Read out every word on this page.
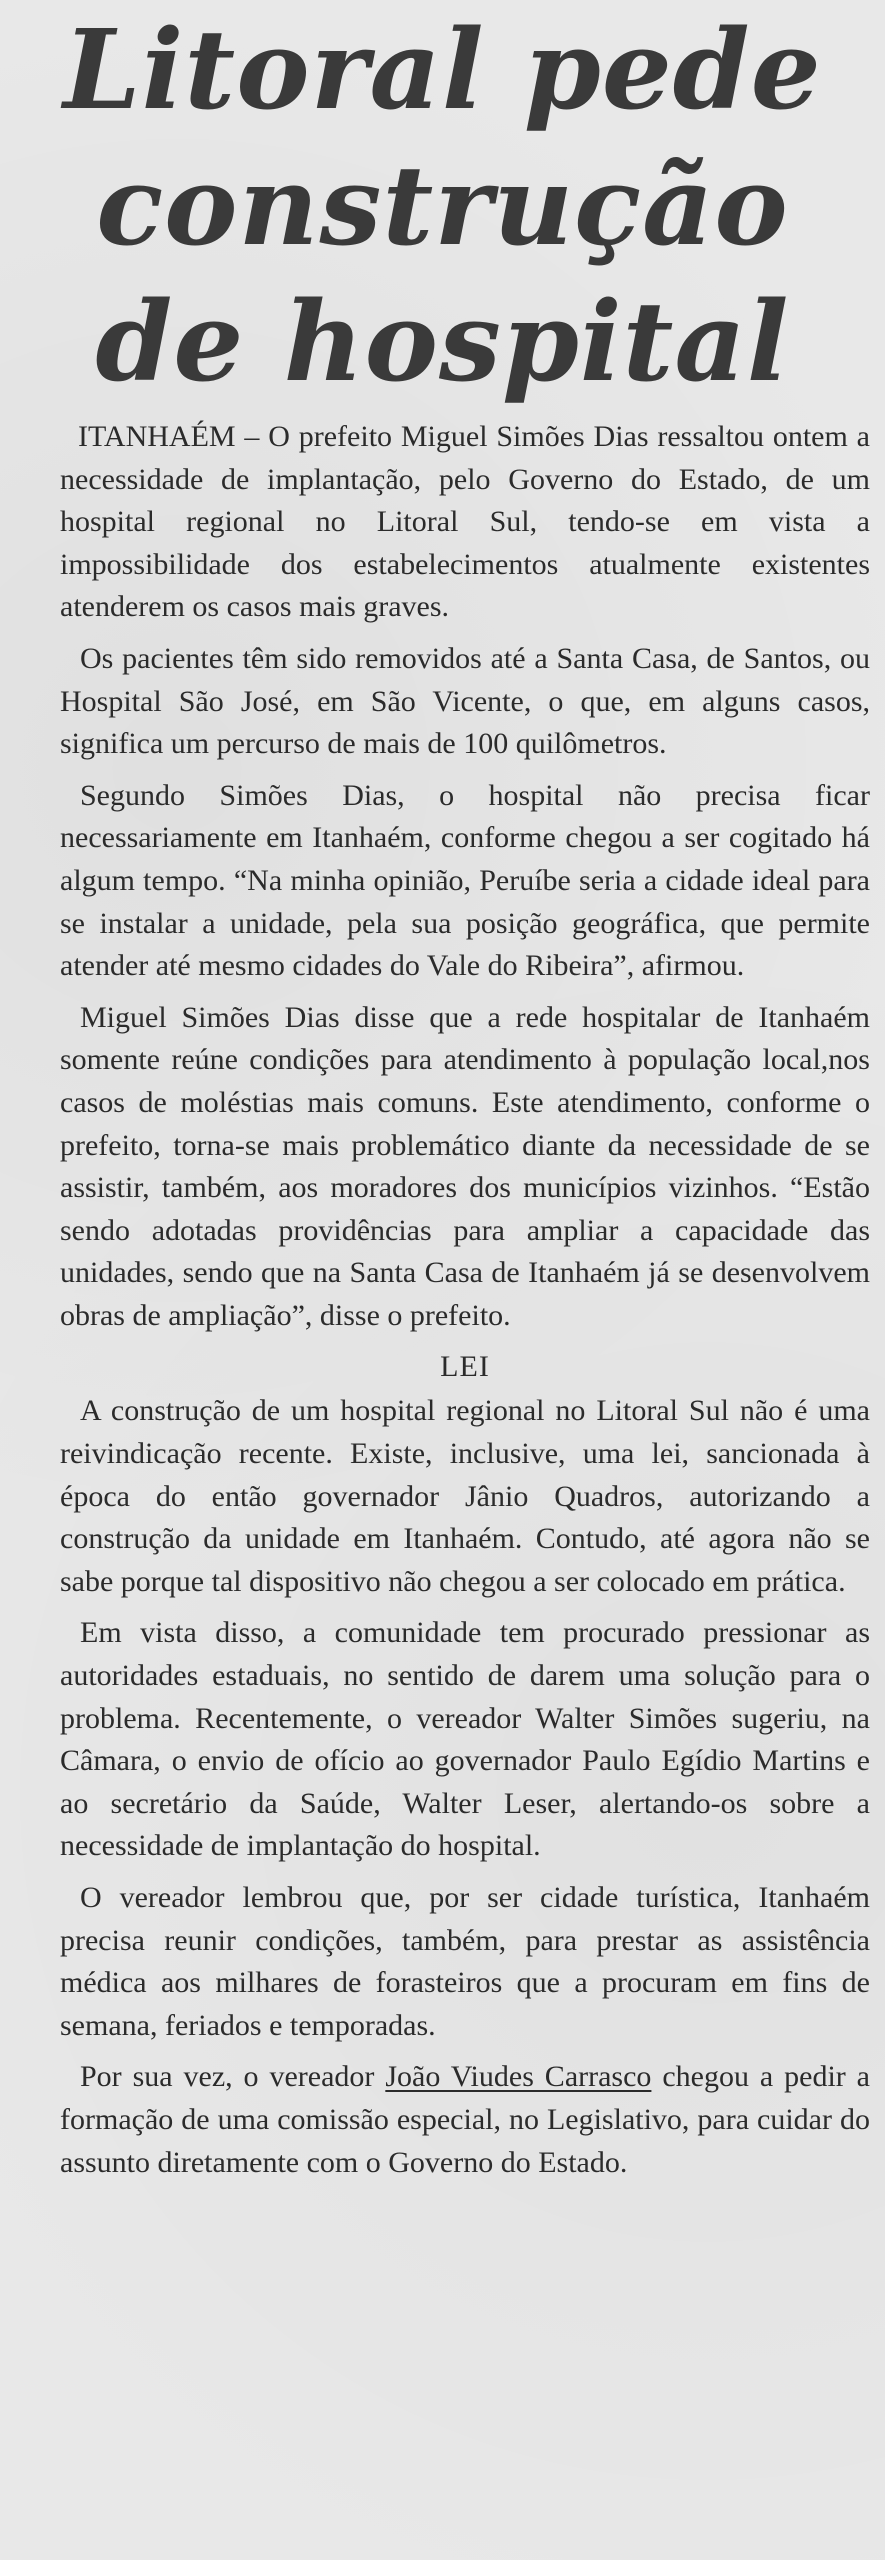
Litoral pede
construção
de hospital

ITANHAÉM – O prefeito Miguel Simões Dias ressaltou ontem a necessidade de implantação, pelo Governo do Estado, de um hospital regional no Litoral Sul, tendo-se em vista a impossibilidade dos estabelecimentos atualmente existentes atenderem os casos mais graves.

Os pacientes têm sido removidos até a Santa Casa, de Santos, ou Hospital São José, em São Vicente, o que, em alguns casos, significa um percurso de mais de 100 quilômetros.

Segundo Simões Dias, o hospital não precisa ficar necessariamente em Itanhaém, conforme chegou a ser cogitado há algum tempo. “Na minha opinião, Peruíbe seria a cidade ideal para se instalar a unidade, pela sua posição geográfica, que permite atender até mesmo cidades do Vale do Ribeira”, afirmou.

Miguel Simões Dias disse que a rede hospitalar de Itanhaém somente reúne condições para atendimento à população local,nos casos de moléstias mais comuns. Este atendimento, conforme o prefeito, torna-se mais problemático diante da necessidade de se assistir, também, aos moradores dos municípios vizinhos. “Estão sendo adotadas providências para ampliar a capacidade das unidades, sendo que na Santa Casa de Itanhaém já se desenvolvem obras de ampliação”, disse o prefeito.

LEI

A construção de um hospital regional no Litoral Sul não é uma reivindicação recente. Existe, inclusive, uma lei, sancionada à época do então governador Jânio Quadros, autorizando a construção da unidade em Itanhaém. Contudo, até agora não se sabe porque tal dispositivo não chegou a ser colocado em prática.

Em vista disso, a comunidade tem procurado pressionar as autoridades estaduais, no sentido de darem uma solução para o problema. Recentemente, o vereador Walter Simões sugeriu, na Câmara, o envio de ofício ao governador Paulo Egídio Martins e ao secretário da Saúde, Walter Leser, alertando-os sobre a necessidade de implantação do hospital.

O vereador lembrou que, por ser cidade turística, Itanhaém precisa reunir condições, também, para prestar as assistência médica aos milhares de forasteiros que a procuram em fins de semana, feriados e temporadas.

Por sua vez, o vereador João Viudes Carrasco chegou a pedir a formação de uma comissão especial, no Legislativo, para cuidar do assunto diretamente com o Governo do Estado.
